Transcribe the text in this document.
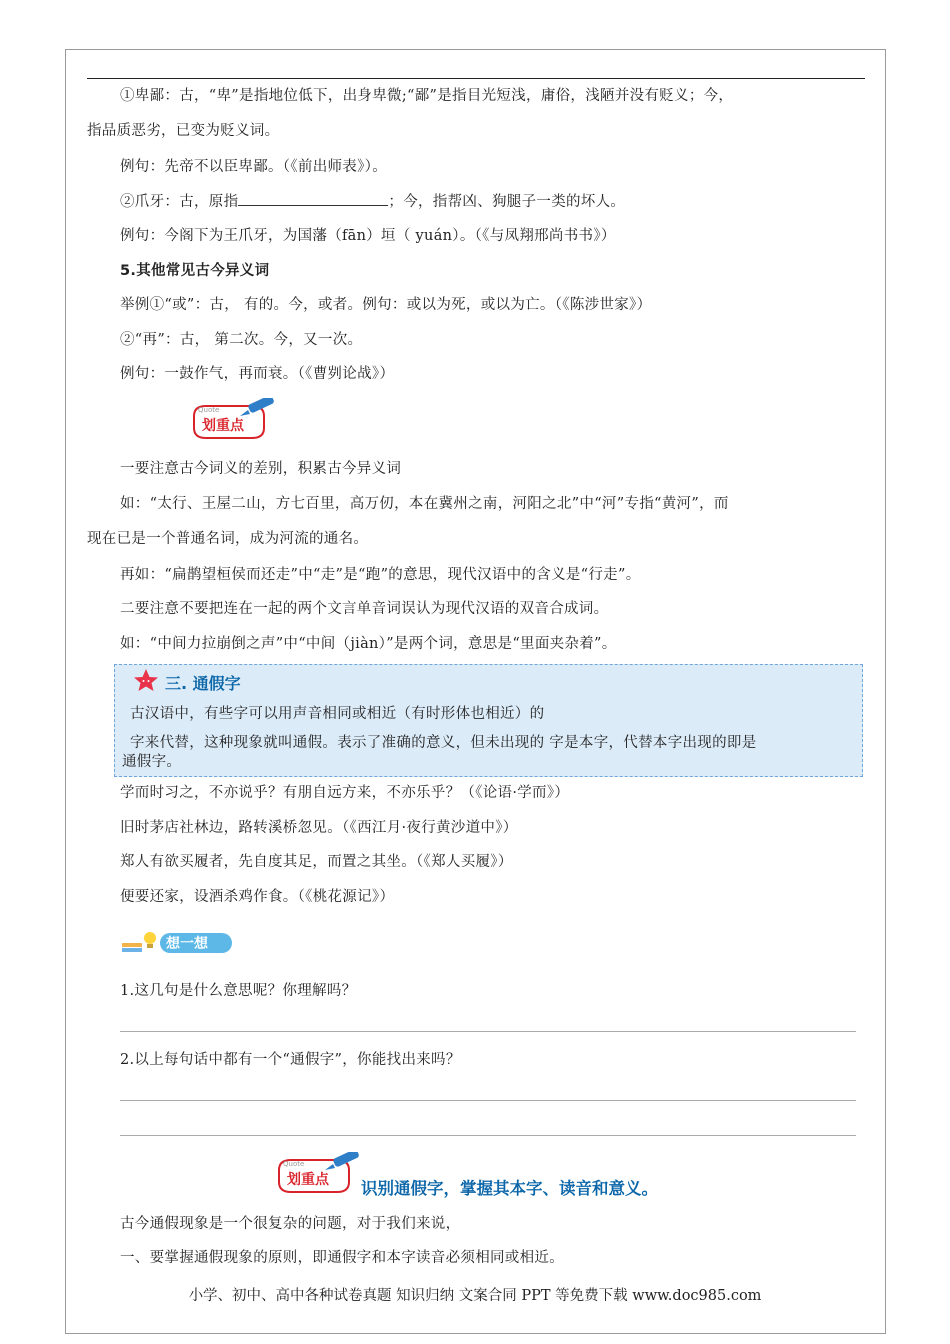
①卑鄙：古，“卑”是指地位低下，出身卑微;“鄙”是指目光短浅，庸俗，浅陋并没有贬义；今，
指品质恶劣，已变为贬义词。
例句：先帝不以臣卑鄙。（《前出师表》）。
②爪牙：古，原指	；今，指帮凶、狗腿子一类的坏人。
例句：今阁下为王爪牙，为国藩（fān）垣（ yuán）。（《与凤翔邢尚书书》）
5.其他常见古今异义词
举例①“或”：古， 有的。今，或者。例句：或以为死，或以为亡。（《陈涉世家》）
②“再”：古， 第二次。今，又一次。
例句：一鼓作气，再而衰。（《曹刿论战》）
Quote
划重点
一要注意古今词义的差别，积累古今异义词
如：“太行、王屋二山，方七百里，高万仞，本在冀州之南，河阳之北”中“河”专指“黄河”，而
现在已是一个普通名词，成为河流的通名。
再如：“扁鹊望桓侯而还走”中“走”是“跑”的意思，现代汉语中的含义是“行走”。
二要注意不要把连在一起的两个文言单音词误认为现代汉语的双音合成词。
如：“中间力拉崩倒之声”中“中间（jiàn）”是两个词，意思是“里面夹杂着”。
三. 通假字
古汉语中，有些字可以用声音相同或相近（有时形体也相近）的
字来代替，这种现象就叫通假。表示了准确的意义，但未出现的 字是本字，代替本字出现的即是
通假字。
学而时习之，不亦说乎？有朋自远方来，不亦乐乎？（《论语·学而》）
旧时茅店社林边，路转溪桥忽见。（《西江月·夜行黄沙道中》）
郑人有欲买履者，先自度其足，而置之其坐。（《郑人买履》）
便要还家，设酒杀鸡作食。（《桃花源记》）
想一想
1.这几句是什么意思呢？你理解吗？
2.以上每句话中都有一个“通假字”，你能找出来吗？
Quote
划重点 识别通假字，掌握其本字、读音和意义。
古今通假现象是一个很复杂的问题，对于我们来说，
一、要掌握通假现象的原则，即通假字和本字读音必须相同或相近。
小学、初中、高中各种试卷真题 知识归纳 文案合同 PPT 等免费下载 www.doc985.com
